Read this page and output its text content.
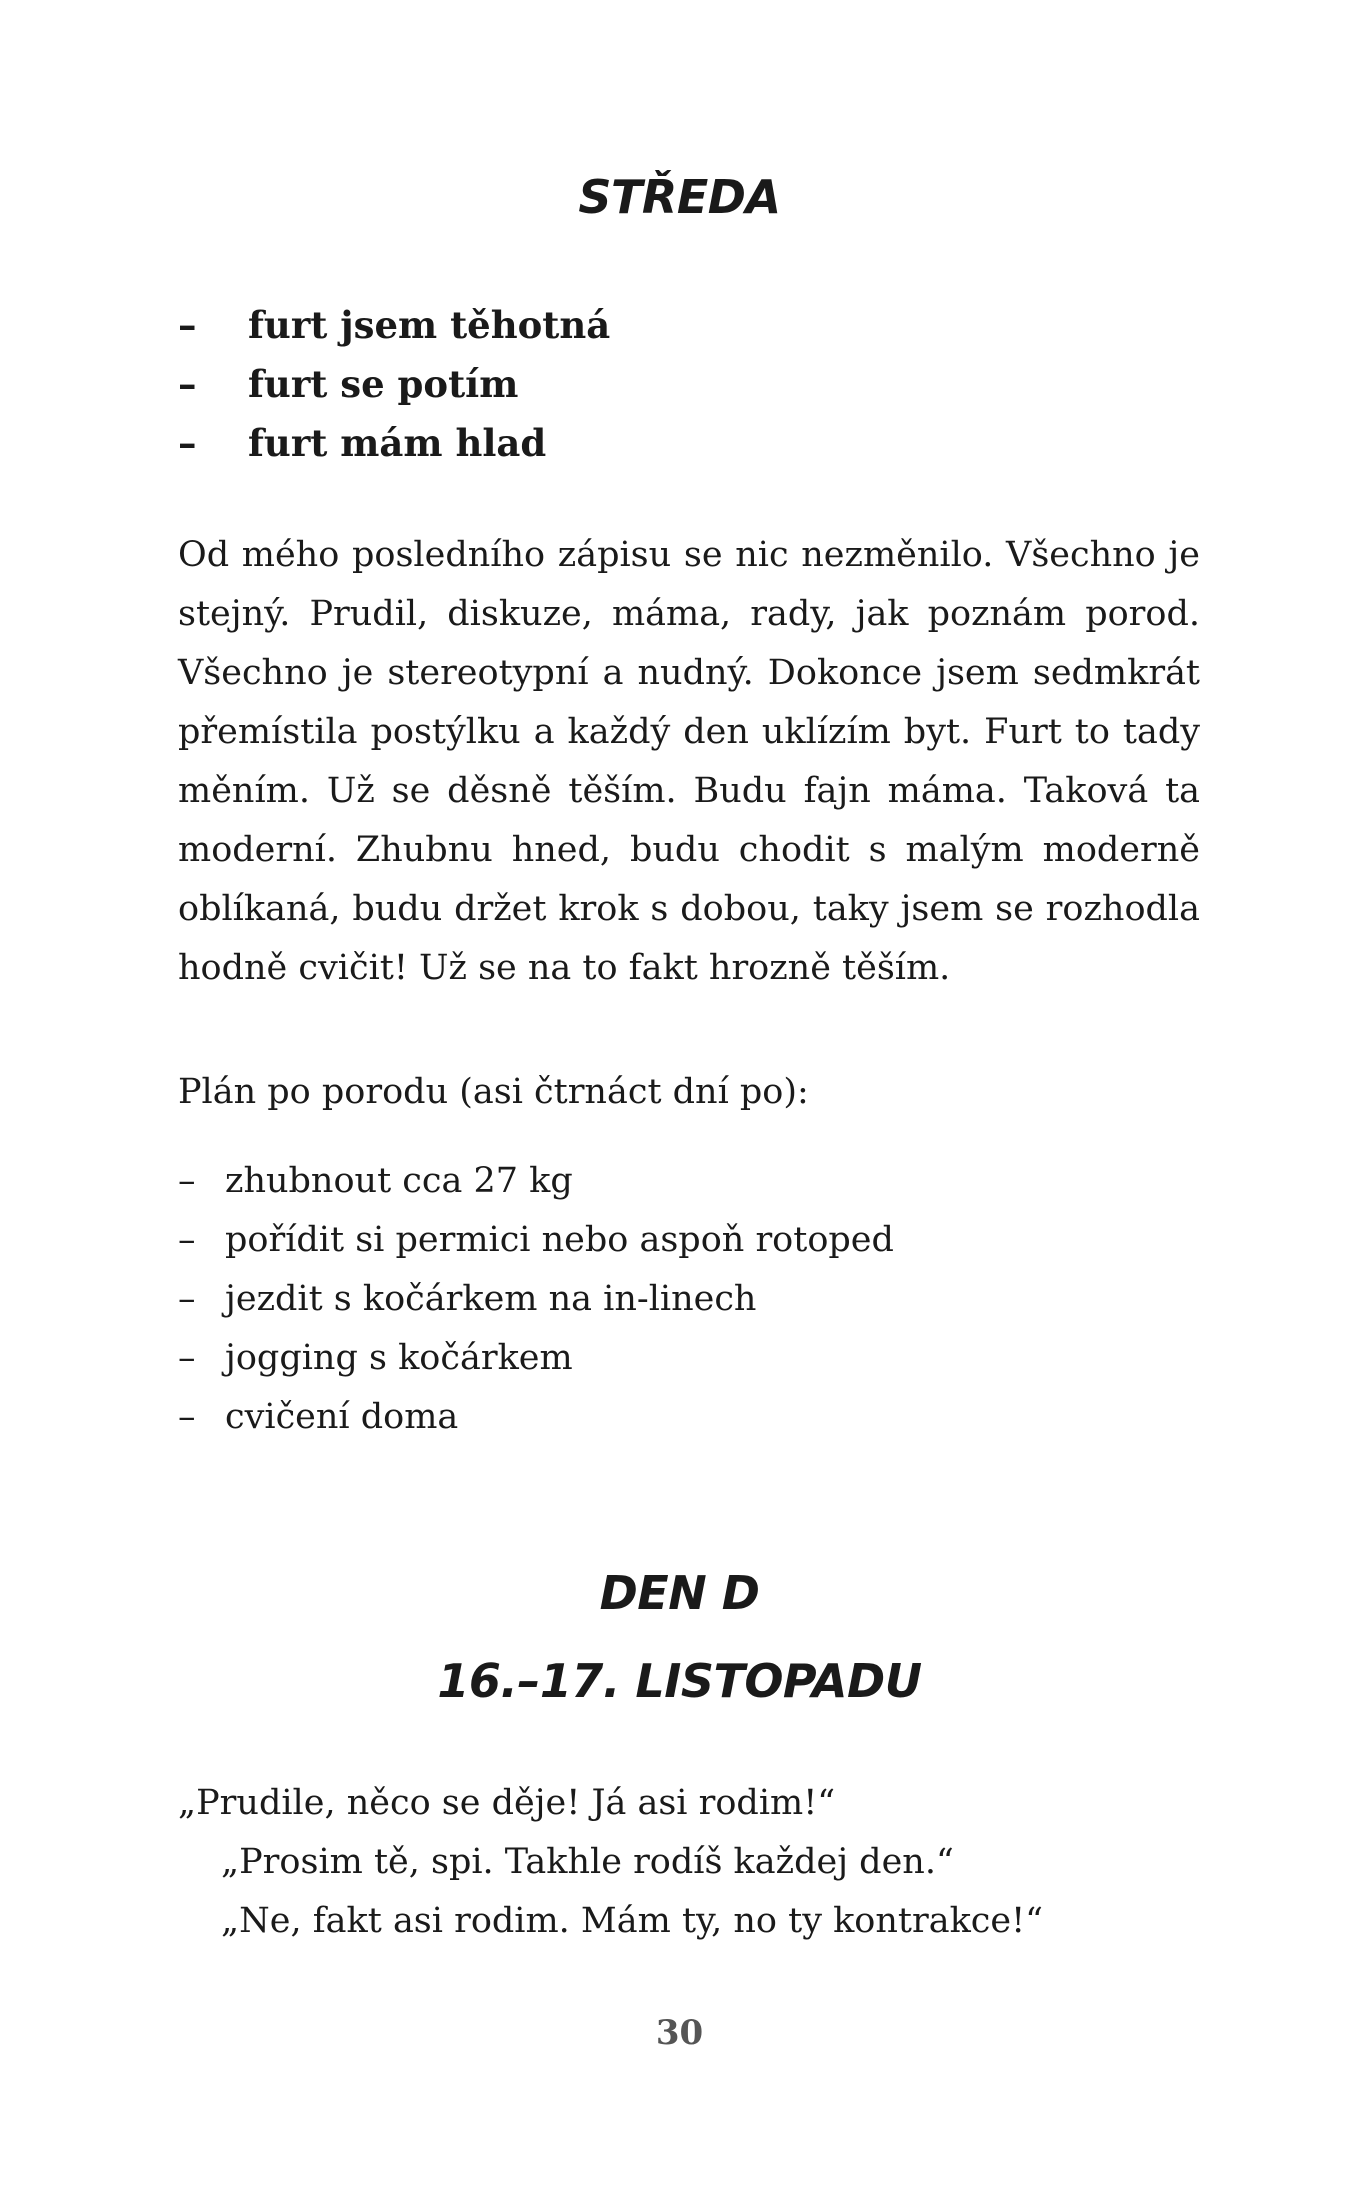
STŘEDA
– furt jsem těhotná
– furt se potím
– furt mám hlad

Od mého posledního zápisu se nic nezměnilo. Všechno je
stejný. Prudil, diskuze, máma, rady, jak poznám porod.
Všechno je stereotypní a nudný. Dokonce jsem sedmkrát
přemístila postýlku a každý den uklízím byt. Furt to tady
měním. Už se děsně těším. Budu fajn máma. Taková ta
moderní. Zhubnu hned, budu chodit s malým moderně
oblíkaná, budu držet krok s dobou, taky jsem se rozhodla
hodně cvičit! Už se na to fakt hrozně těším.

Plán po porodu (asi čtrnáct dní po):

– zhubnout cca 27 kg
– pořídit si permici nebo aspoň rotoped
– jezdit s kočárkem na in-linech
– jogging s kočárkem
– cvičení doma
DEN D
16.–17. LISTOPADU
„Prudile, něco se děje! Já asi rodim!“
„Prosim tě, spi. Takhle rodíš každej den.“
„Ne, fakt asi rodim. Mám ty, no ty kontrakce!“

30
